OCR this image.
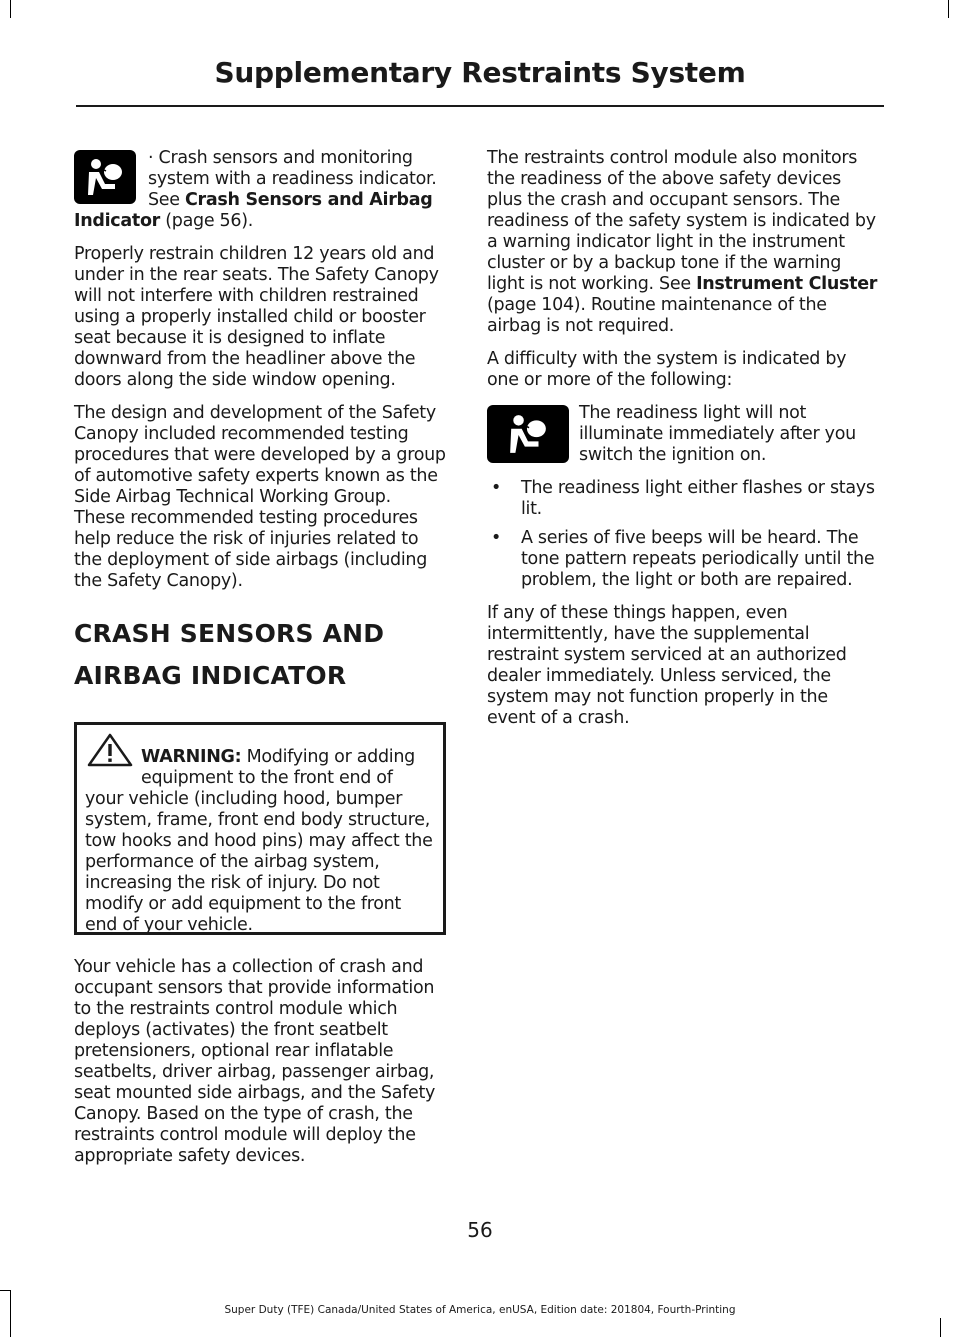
Supplementary Restraints System

· Crash sensors and monitoring system with a readiness indicator. See Crash Sensors and Airbag Indicator (page 56).

Properly restrain children 12 years old and under in the rear seats. The Safety Canopy will not interfere with children restrained using a properly installed child or booster seat because it is designed to inflate downward from the headliner above the doors along the side window opening.

The design and development of the Safety Canopy included recommended testing procedures that were developed by a group of automotive safety experts known as the Side Airbag Technical Working Group. These recommended testing procedures help reduce the risk of injuries related to the deployment of side airbags (including the Safety Canopy).

CRASH SENSORS AND
AIRBAG INDICATOR
WARNING: Modifying or adding equipment to the front end of your vehicle (including hood, bumper system, frame, front end body structure, tow hooks and hood pins) may affect the performance of the airbag system, increasing the risk of injury. Do not modify or add equipment to the front end of your vehicle.

Your vehicle has a collection of crash and occupant sensors that provide information to the restraints control module which deploys (activates) the front seatbelt pretensioners, optional rear inflatable seatbelts, driver airbag, passenger airbag, seat mounted side airbags, and the Safety Canopy. Based on the type of crash, the restraints control module will deploy the appropriate safety devices.

The restraints control module also monitors the readiness of the above safety devices plus the crash and occupant sensors. The readiness of the safety system is indicated by a warning indicator light in the instrument cluster or by a backup tone if the warning light is not working. See Instrument Cluster (page 104). Routine maintenance of the airbag is not required.

A difficulty with the system is indicated by one or more of the following:

The readiness light will not illuminate immediately after you switch the ignition on.

• The readiness light either flashes or stays lit.
• A series of five beeps will be heard. The tone pattern repeats periodically until the problem, the light or both are repaired.

If any of these things happen, even intermittently, have the supplemental restraint system serviced at an authorized dealer immediately. Unless serviced, the system may not function properly in the event of a crash.

56
Super Duty (TFE) Canada/United States of America, enUSA, Edition date: 201804, Fourth-Printing
